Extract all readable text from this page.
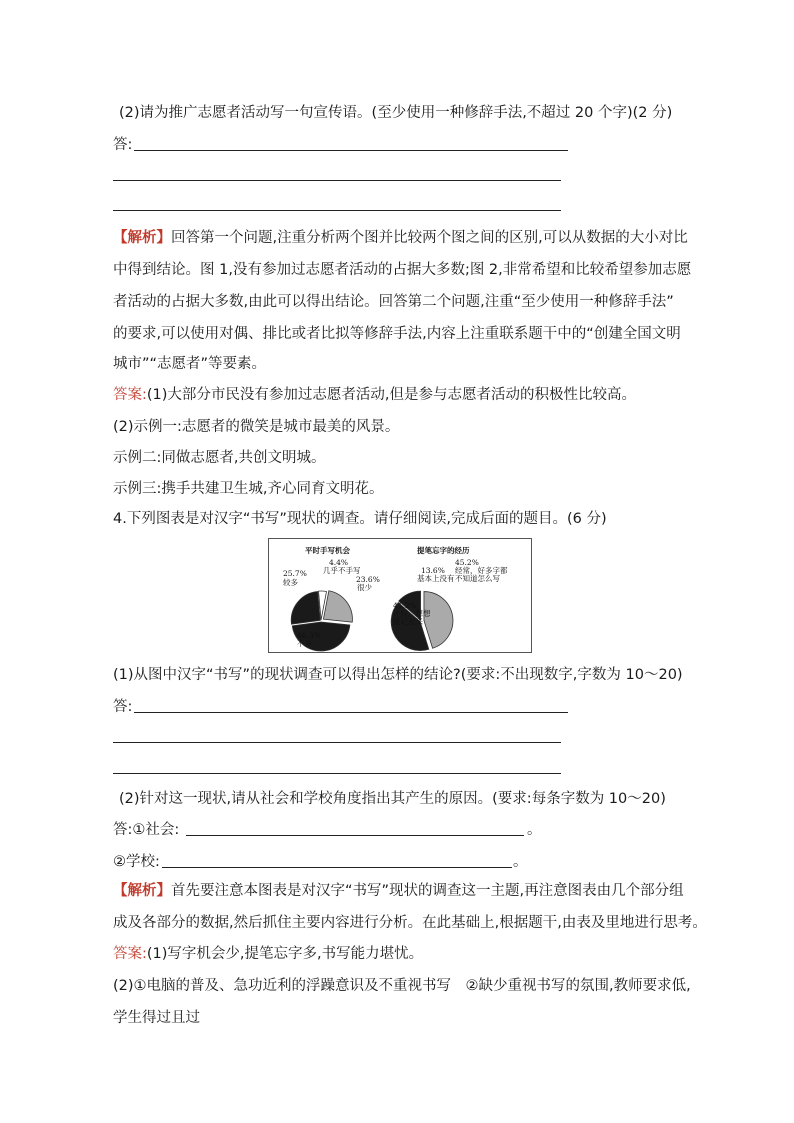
(2)请为推广志愿者活动写一句宣传语。(至少使用一种修辞手法,不超过 20 个字)(2 分)
答:
【解析】回答第一个问题,注重分析两个图并比较两个图之间的区别,可以从数据的大小对比
中得到结论。图 1,没有参加过志愿者活动的占据大多数;图 2,非常希望和比较希望参加志愿
者活动的占据大多数,由此可以得出结论。回答第二个问题,注重“至少使用一种修辞手法”
的要求,可以使用对偶、排比或者比拟等修辞手法,内容上注重联系题干中的“创建全国文明
城市”“志愿者”等要素。
答案:(1)大部分市民没有参加过志愿者活动,但是参与志愿者活动的积极性比较高。
(2)示例一:志愿者的微笑是城市最美的风景。
示例二:同做志愿者,共创文明城。
示例三:携手共建卫生城,齐心同育文明花。
4.下列图表是对汉字“书写”现状的调查。请仔细阅读,完成后面的题目。(6 分)
平时手写机会	提笔忘字的经历
4.4%
几乎不手写
23.6%
很少
25.7%
较多
46.3%
不多
13.6%
基本上没有
45.2%
经常，好多字都
不知道怎么写
41.2%
还好，想想
能记起来
(1)从图中汉字“书写”的现状调查可以得出怎样的结论?(要求:不出现数字,字数为 10～20)
答:
(2)针对这一现状,请从社会和学校角度指出其产生的原因。(要求:每条字数为 10～20)
答:①社会:	。
②学校:	。
【解析】首先要注意本图表是对汉字“书写”现状的调查这一主题,再注意图表由几个部分组
成及各部分的数据,然后抓住主要内容进行分析。在此基础上,根据题干,由表及里地进行思考。
答案:(1)写字机会少,提笔忘字多,书写能力堪忧。
(2)①电脑的普及、急功近利的浮躁意识及不重视书写　②缺少重视书写的氛围,教师要求低,
学生得过且过
